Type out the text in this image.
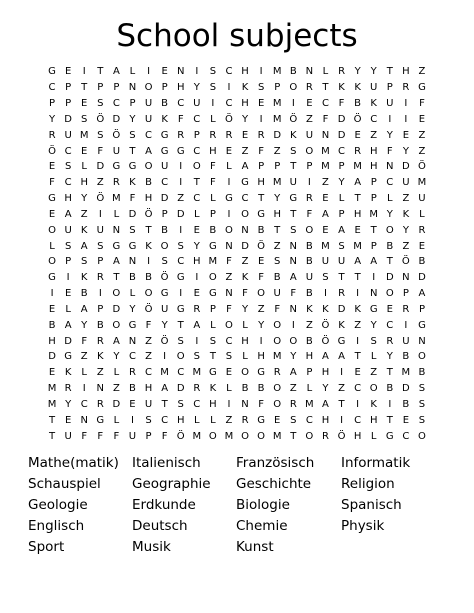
School subjects
G E	I	T A L	I	E N	I	S C H	I	M B N L R Y Y T H Z
C P	T	P	P N O P H Y S	I	K S P O R T K K U P R G
P	P E S C P U B C U	I	C H E M	I	E C F B K U	I	F
Y D S Ö D Y U K F C L Ö Y	I	M Ö Z F D Ö C	I	I	E
R U M S Ö S C G R P R R E R D K U N D E Z Y E Z
Ö C E	F U T A G G C H E Z F Z S O M C R H F	Y Z
E S	L D G G O U	I	O F	L A P	P	T	P M P M H N D Ö
F C H Z R K B C	I	T	F	I	G H M U	I	Z Y A P C U M
G H Y Ö M F H D Z C L G C T Y G R E	L	T	P	L Z U
E A Z	I	L D Ö P D L	P	I	O G H T	F A P H M Y K	L
O U K U N S T B	I	E B O N B T S O E A E T O Y R
L	S A S G G K O S Y G N D Ö Z N B M S M P B Z E
O P S P A N	I	S C H M F Z E S N B U U A A T Ö B
G	I	K R T B B Ö G	I	O Z K F B A U S T T	I	D N D
I	E B	I	O L O G	I	E G N F O U F B	I	R	I	N O P A
E	L A P D Y Ö U G R P	F	Y Z F N K K D K G E R P
B A Y B O G F	Y T A L O L	Y O	I	Z Ö K Z Y C	I	G
H D F R A N Z Ö S	I	S C H	I	O O B Ö G	I	S R U N
D G Z K Y C Z	I	O S T S	L H M Y H A A T	L	Y B O
E K	L Z L R C M C M G E O G R A P H	I	E Z T M B
M R	I	N Z B H A D R K	L B B O Z L	Y Z C O B D S
M Y C R D E U T S C H	I	N F O R M A T	I	K	I	B S
T E N G L	I	S C H L	L Z R G E S C H	I	C H T E S
T U F	F	F U P	F Ö M O M O O M T O R Ö H L G C O
Mathe(matik) Italienisch	Französisch	Informatik
Schauspiel	Geographie	Geschichte	Religion
Geologie	Erdkunde	Biologie	Spanisch
Englisch	Deutsch	Chemie	Physik
Sport	Musik	Kunst
